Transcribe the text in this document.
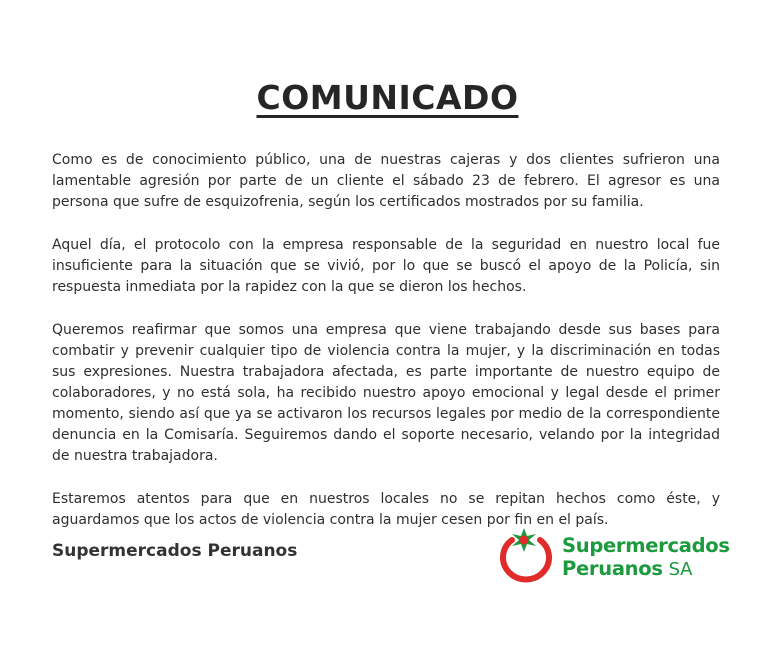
COMUNICADO

Como es de conocimiento público, una de nuestras cajeras y dos clientes sufrieron una lamentable agresión por parte de un cliente el sábado 23 de febrero. El agresor es una persona que sufre de esquizofrenia, según los certificados mostrados por su familia.

Aquel día, el protocolo con la empresa responsable de la seguridad en nuestro local fue insuficiente para la situación que se vivió, por lo que se buscó el apoyo de la Policía, sin respuesta inmediata por la rapidez con la que se dieron los hechos.

Queremos reafirmar que somos una empresa que viene trabajando desde sus bases para combatir y prevenir cualquier tipo de violencia contra la mujer, y la discriminación en todas sus expresiones. Nuestra trabajadora afectada, es parte importante de nuestro equipo de colaboradores, y no está sola, ha recibido nuestro apoyo emocional y legal desde el primer momento, siendo así que ya se activaron los recursos legales por medio de la correspondiente denuncia en la Comisaría. Seguiremos dando el soporte necesario, velando por la integridad de nuestra trabajadora.

Estaremos atentos para que en nuestros locales no se repitan hechos como éste, y aguardamos que los actos de violencia contra la mujer cesen por fin en el país.

Supermercados Peruanos	Supermercados
Peruanos SA
